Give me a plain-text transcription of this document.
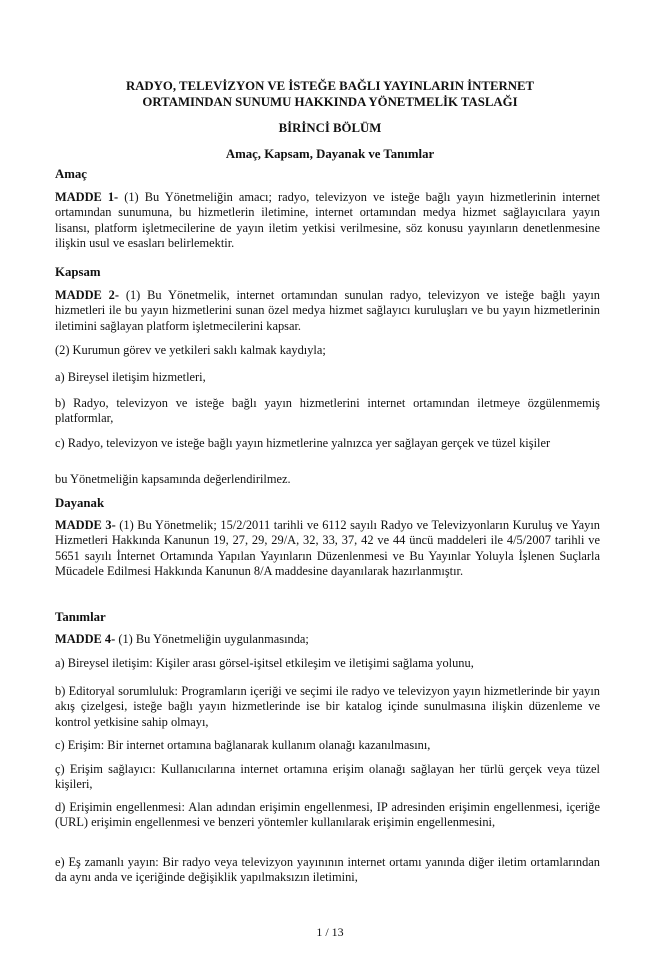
RADYO, TELEVİZYON VE İSTEĞE BAĞLI YAYINLARIN İNTERNET
ORTAMINDAN SUNUMU HAKKINDA YÖNETMELİK TASLAĞI
BİRİNCİ BÖLÜM
Amaç, Kapsam, Dayanak ve Tanımlar
Amaç
MADDE 1- (1) Bu Yönetmeliğin amacı; radyo, televizyon ve isteğe bağlı yayın hizmetlerinin internet ortamından sunumuna, bu hizmetlerin iletimine, internet ortamından medya hizmet sağlayıcılara yayın lisansı, platform işletmecilerine de yayın iletim yetkisi verilmesine, söz konusu yayınların denetlenmesine ilişkin usul ve esasları belirlemektir.
Kapsam
MADDE 2- (1) Bu Yönetmelik, internet ortamından sunulan radyo, televizyon ve isteğe bağlı yayın hizmetleri ile bu yayın hizmetlerini sunan özel medya hizmet sağlayıcı kuruluşları ve bu yayın hizmetlerinin iletimini sağlayan platform işletmecilerini kapsar.
(2) Kurumun görev ve yetkileri saklı kalmak kaydıyla;
a) Bireysel iletişim hizmetleri,
b) Radyo, televizyon ve isteğe bağlı yayın hizmetlerini internet ortamından iletmeye özgülenmemiş platformlar,
c) Radyo, televizyon ve isteğe bağlı yayın hizmetlerine yalnızca yer sağlayan gerçek ve tüzel kişiler
bu Yönetmeliğin kapsamında değerlendirilmez.
Dayanak
MADDE 3- (1) Bu Yönetmelik; 15/2/2011 tarihli ve 6112 sayılı Radyo ve Televizyonların Kuruluş ve Yayın Hizmetleri Hakkında Kanunun 19, 27, 29, 29/A, 32, 33, 37, 42 ve 44 üncü maddeleri ile 4/5/2007 tarihli ve 5651 sayılı İnternet Ortamında Yapılan Yayınların Düzenlenmesi ve Bu Yayınlar Yoluyla İşlenen Suçlarla Mücadele Edilmesi Hakkında Kanunun 8/A maddesine dayanılarak hazırlanmıştır.
Tanımlar
MADDE 4- (1) Bu Yönetmeliğin uygulanmasında;
a) Bireysel iletişim: Kişiler arası görsel-işitsel etkileşim ve iletişimi sağlama yolunu,
b) Editoryal sorumluluk: Programların içeriği ve seçimi ile radyo ve televizyon yayın hizmetlerinde bir yayın akış çizelgesi, isteğe bağlı yayın hizmetlerinde ise bir katalog içinde sunulmasına ilişkin düzenleme ve kontrol yetkisine sahip olmayı,
c) Erişim: Bir internet ortamına bağlanarak kullanım olanağı kazanılmasını,
ç) Erişim sağlayıcı: Kullanıcılarına internet ortamına erişim olanağı sağlayan her türlü gerçek veya tüzel kişileri,
d) Erişimin engellenmesi: Alan adından erişimin engellenmesi, IP adresinden erişimin engellenmesi, içeriğe (URL) erişimin engellenmesi ve benzeri yöntemler kullanılarak erişimin engellenmesini,
e) Eş zamanlı yayın: Bir radyo veya televizyon yayınının internet ortamı yanında diğer iletim ortamlarından da aynı anda ve içeriğinde değişiklik yapılmaksızın iletimini,
1 / 13
